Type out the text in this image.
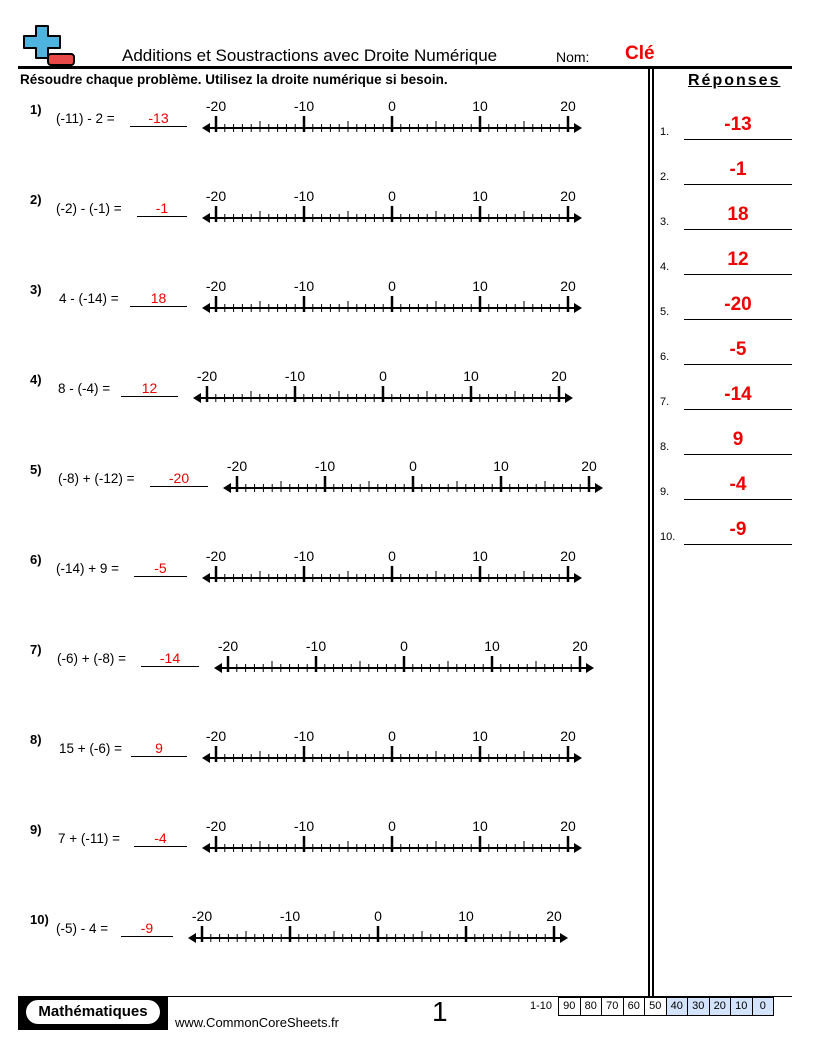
Additions et Soustractions avec Droite Numérique	Nom: Clé
Résoudre chaque problème. Utilisez la droite numérique si besoin.	Réponses
1.	-13
2.	-1
3.	18
4.	12
5.	-20
6.	-5
7.	-14
8.	9
9.	-4
10.	-9
1)
(-11) - 2 =	-13
-20	-10	0	10	20
2)
(-2) - (-1) =	-1
-20	-10	0	10	20
3)
4 - (-14) =	18
-20	-10	0	10	20
4)
8 - (-4) =	12
-20	-10	0	10	20
5)
(-8) + (-12) =	-20
-20	-10	0	10	20
6)
(-14) + 9 =	-5
-20	-10	0	10	20
7)
(-6) + (-8) =	-14
-20	-10	0	10	20
8)
15 + (-6) =	9
-20	-10	0	10	20
9)
7 + (-11) =	-4
-20	-10	0	10	20
10)
(-5) - 4 =	-9
-20	-10	0	10	20
Mathématiques
www.CommonCoreSheets.fr	1	1-10	90 80 70 60 50 40 30 20 10	0
